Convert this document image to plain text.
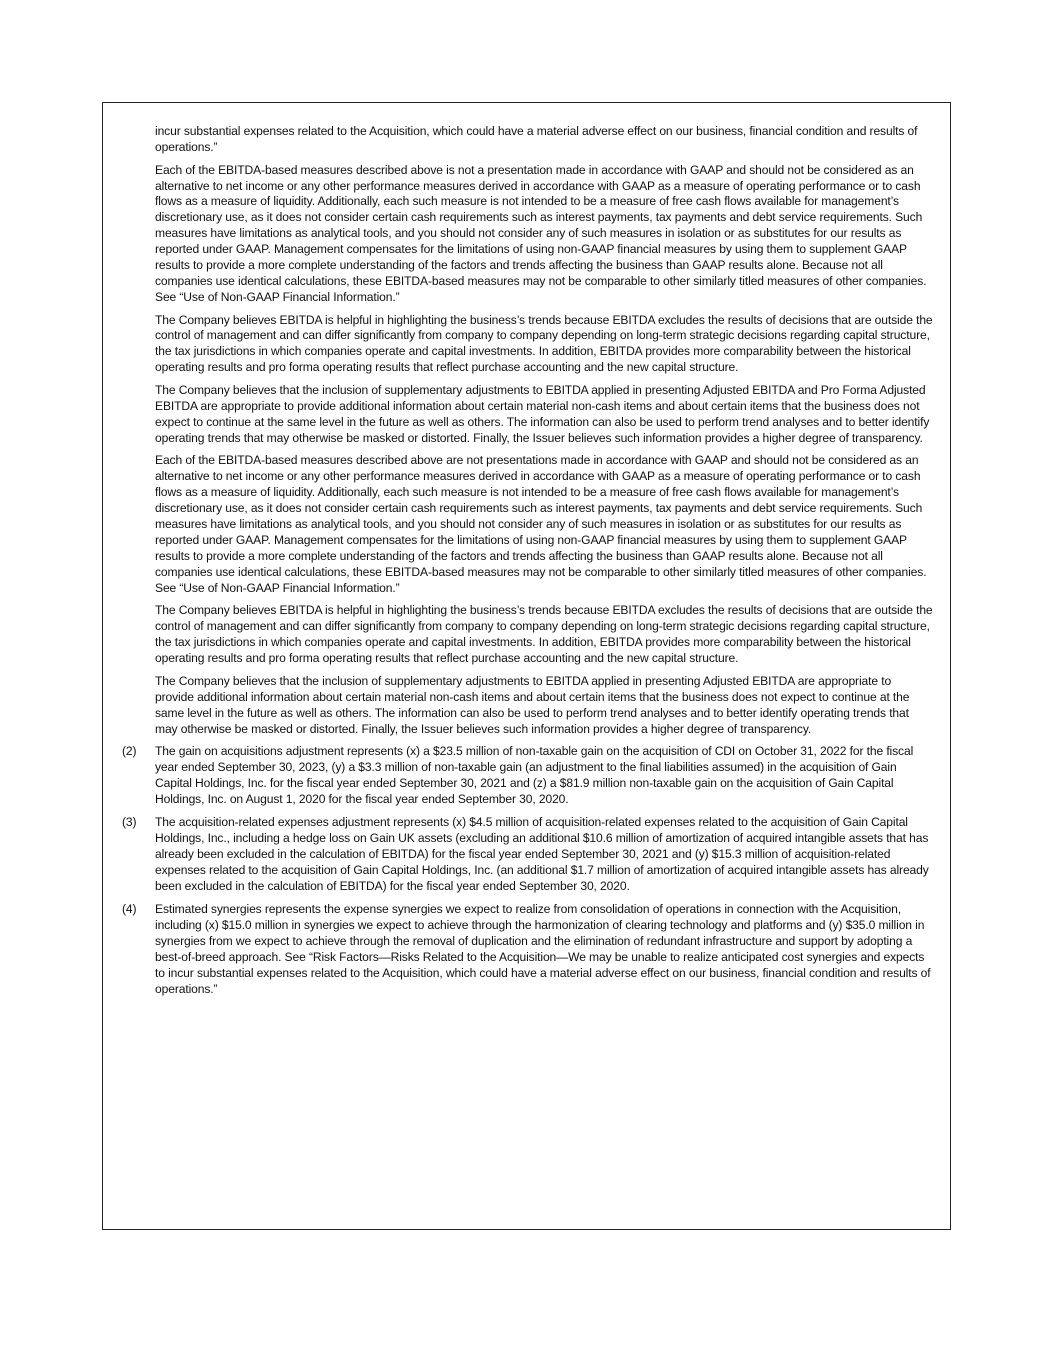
incur substantial expenses related to the Acquisition, which could have a material adverse effect on our business, financial condition and results of operations.”

Each of the EBITDA-based measures described above is not a presentation made in accordance with GAAP and should not be considered as an alternative to net income or any other performance measures derived in accordance with GAAP as a measure of operating performance or to cash flows as a measure of liquidity. Additionally, each such measure is not intended to be a measure of free cash flows available for management’s discretionary use, as it does not consider certain cash requirements such as interest payments, tax payments and debt service requirements. Such measures have limitations as analytical tools, and you should not consider any of such measures in isolation or as substitutes for our results as reported under GAAP. Management compensates for the limitations of using non-GAAP financial measures by using them to supplement GAAP results to provide a more complete understanding of the factors and trends affecting the business than GAAP results alone. Because not all companies use identical calculations, these EBITDA-based measures may not be comparable to other similarly titled measures of other companies. See “Use of Non-GAAP Financial Information.”

The Company believes EBITDA is helpful in highlighting the business’s trends because EBITDA excludes the results of decisions that are outside the control of management and can differ significantly from company to company depending on long-term strategic decisions regarding capital structure, the tax jurisdictions in which companies operate and capital investments. In addition, EBITDA provides more comparability between the historical operating results and pro forma operating results that reflect purchase accounting and the new capital structure.

The Company believes that the inclusion of supplementary adjustments to EBITDA applied in presenting Adjusted EBITDA and Pro Forma Adjusted EBITDA are appropriate to provide additional information about certain material non-cash items and about certain items that the business does not expect to continue at the same level in the future as well as others. The information can also be used to perform trend analyses and to better identify operating trends that may otherwise be masked or distorted. Finally, the Issuer believes such information provides a higher degree of transparency.

Each of the EBITDA-based measures described above are not presentations made in accordance with GAAP and should not be considered as an alternative to net income or any other performance measures derived in accordance with GAAP as a measure of operating performance or to cash flows as a measure of liquidity. Additionally, each such measure is not intended to be a measure of free cash flows available for management’s discretionary use, as it does not consider certain cash requirements such as interest payments, tax payments and debt service requirements. Such measures have limitations as analytical tools, and you should not consider any of such measures in isolation or as substitutes for our results as reported under GAAP. Management compensates for the limitations of using non-GAAP financial measures by using them to supplement GAAP results to provide a more complete understanding of the factors and trends affecting the business than GAAP results alone. Because not all companies use identical calculations, these EBITDA-based measures may not be comparable to other similarly titled measures of other companies. See “Use of Non-GAAP Financial Information.”

The Company believes EBITDA is helpful in highlighting the business’s trends because EBITDA excludes the results of decisions that are outside the control of management and can differ significantly from company to company depending on long-term strategic decisions regarding capital structure, the tax jurisdictions in which companies operate and capital investments. In addition, EBITDA provides more comparability between the historical operating results and pro forma operating results that reflect purchase accounting and the new capital structure.

The Company believes that the inclusion of supplementary adjustments to EBITDA applied in presenting Adjusted EBITDA are appropriate to provide additional information about certain material non-cash items and about certain items that the business does not expect to continue at the same level in the future as well as others. The information can also be used to perform trend analyses and to better identify operating trends that may otherwise be masked or distorted. Finally, the Issuer believes such information provides a higher degree of transparency.

(2) The gain on acquisitions adjustment represents (x) a $23.5 million of non-taxable gain on the acquisition of CDI on October 31, 2022 for the fiscal year ended September 30, 2023, (y) a $3.3 million of non-taxable gain (an adjustment to the final liabilities assumed) in the acquisition of Gain Capital Holdings, Inc. for the fiscal year ended September 30, 2021 and (z) a $81.9 million non-taxable gain on the acquisition of Gain Capital Holdings, Inc. on August 1, 2020 for the fiscal year ended September 30, 2020.
(3) The acquisition-related expenses adjustment represents (x) $4.5 million of acquisition-related expenses related to the acquisition of Gain Capital Holdings, Inc., including a hedge loss on Gain UK assets (excluding an additional $10.6 million of amortization of acquired intangible assets that has already been excluded in the calculation of EBITDA) for the fiscal year ended September 30, 2021 and (y) $15.3 million of acquisition-related expenses related to the acquisition of Gain Capital Holdings, Inc. (an additional $1.7 million of amortization of acquired intangible assets has already been excluded in the calculation of EBITDA) for the fiscal year ended September 30, 2020.
(4) Estimated synergies represents the expense synergies we expect to realize from consolidation of operations in connection with the Acquisition, including (x) $15.0 million in synergies we expect to achieve through the harmonization of clearing technology and platforms and (y) $35.0 million in synergies from we expect to achieve through the removal of duplication and the elimination of redundant infrastructure and support by adopting a best-of-breed approach. See “Risk Factors—Risks Related to the Acquisition—We may be unable to realize anticipated cost synergies and expects to incur substantial expenses related to the Acquisition, which could have a material adverse effect on our business, financial condition and results of operations.”
